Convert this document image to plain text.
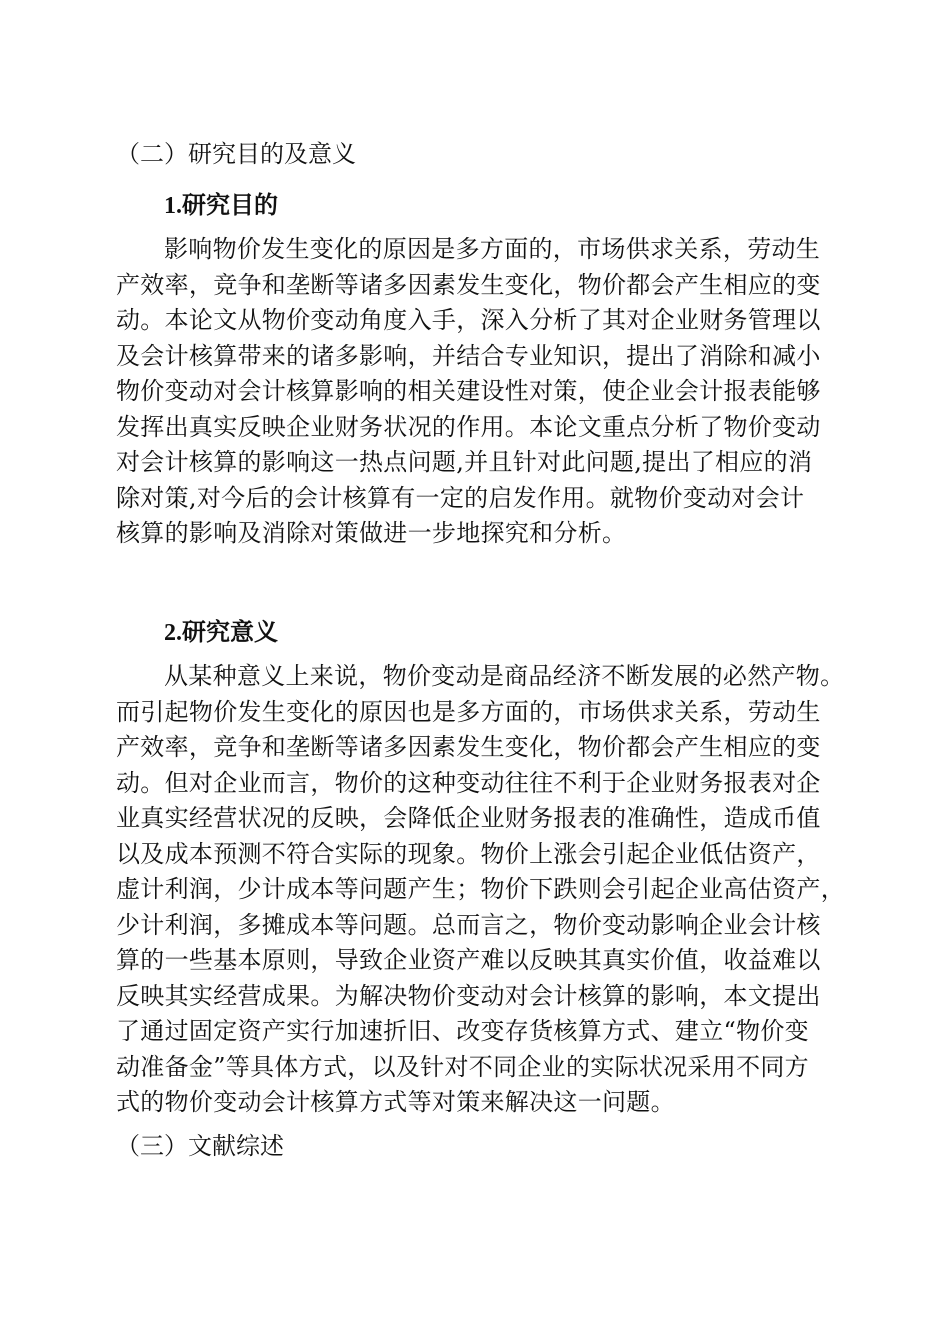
（二）研究目的及意义
1.研究目的
影响物价发生变化的原因是多方面的，市场供求关系，劳动生
产效率，竞争和垄断等诸多因素发生变化，物价都会产生相应的变
动。本论文从物价变动角度入手，深入分析了其对企业财务管理以
及会计核算带来的诸多影响，并结合专业知识，提出了消除和减小
物价变动对会计核算影响的相关建设性对策，使企业会计报表能够
发挥出真实反映企业财务状况的作用。本论文重点分析了物价变动
对会计核算的影响这一热点问题,并且针对此问题,提出了相应的消
除对策,对今后的会计核算有一定的启发作用。就物价变动对会计
核算的影响及消除对策做进一步地探究和分析。
2.研究意义
从某种意义上来说，物价变动是商品经济不断发展的必然产物。
而引起物价发生变化的原因也是多方面的，市场供求关系，劳动生
产效率，竞争和垄断等诸多因素发生变化，物价都会产生相应的变
动。但对企业而言，物价的这种变动往往不利于企业财务报表对企
业真实经营状况的反映，会降低企业财务报表的准确性，造成币值
以及成本预测不符合实际的现象。物价上涨会引起企业低估资产，
虚计利润，少计成本等问题产生；物价下跌则会引起企业高估资产，
少计利润，多摊成本等问题。总而言之，物价变动影响企业会计核
算的一些基本原则，导致企业资产难以反映其真实价值，收益难以
反映其实经营成果。为解决物价变动对会计核算的影响，本文提出
了通过固定资产实行加速折旧、改变存货核算方式、建立“物价变
动准备金”等具体方式，以及针对不同企业的实际状况采用不同方
式的物价变动会计核算方式等对策来解决这一问题。
（三）文献综述
